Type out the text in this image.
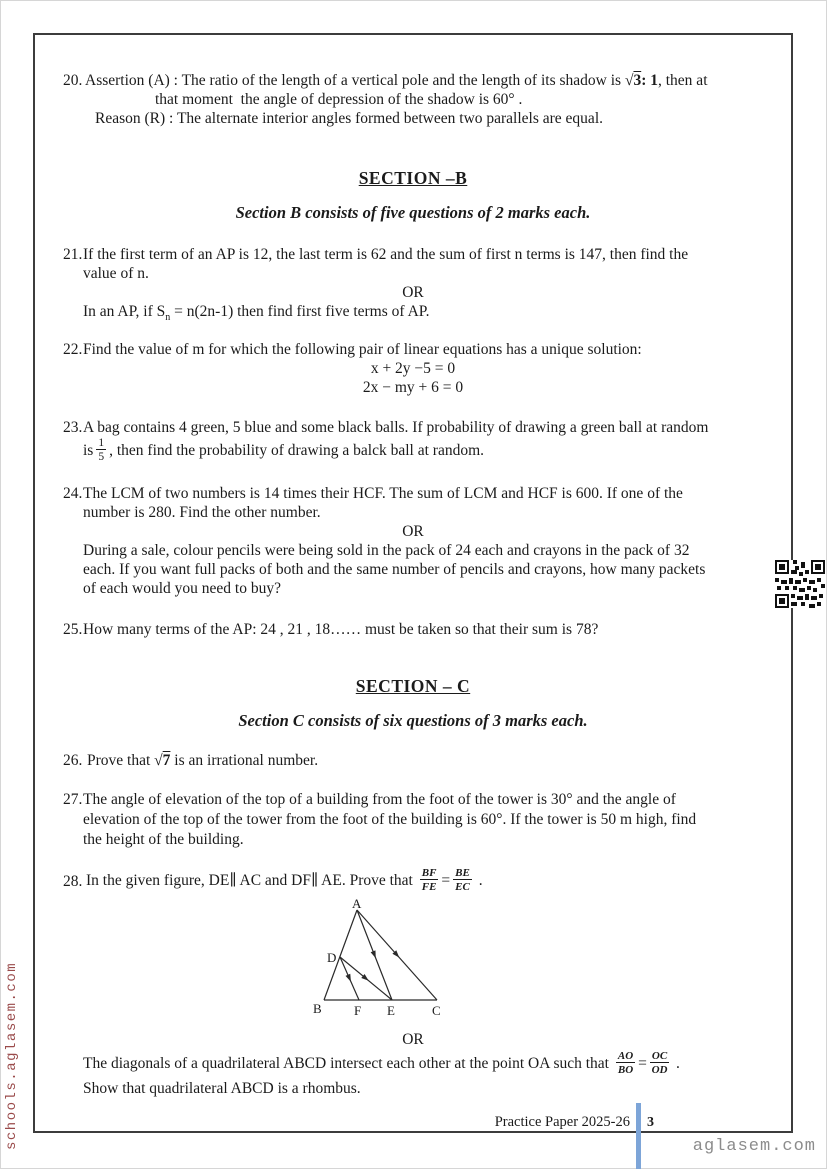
20. Assertion (A) : The ratio of the length of a vertical pole and the length of its shadow is √3: 1, then at
that moment  the angle of depression of the shadow is 60° .
Reason (R) : The alternate interior angles formed between two parallels are equal.
SECTION –B
Section B consists of five questions of 2 marks each.
21. If the first term of an AP is 12, the last term is 62 and the sum of first n terms is 147, then find the
value of n.
OR
In an AP, if $S_n = n(2n-1)$ then find first five terms of AP.
22. Find the value of m for which the following pair of linear equations has a unique solution:
x + 2y −5 = 0
2x − my + 6 = 0
23. A bag contains 4 green, 5 blue and some black balls. If probability of drawing a green ball at random
is $\frac{1}{5}$ , then find the probability of drawing a balck ball at random.
24. The LCM of two numbers is 14 times their HCF. The sum of LCM and HCF is 600. If one of the
number is 280. Find the other number.
OR
During a sale, colour pencils were being sold in the pack of 24 each and crayons in the pack of 32
each. If you want full packs of both and the same number of pencils and crayons, how many packets
of each would you need to buy?
25. How many terms of the AP: 24 , 21 , 18…… must be taken so that their sum is 78?
SECTION – C
Section C consists of six questions of 3 marks each.
26. Prove that √7 is an irrational number.
27. The angle of elevation of the top of a building from the foot of the tower is 30° and the angle of
elevation of the top of the tower from the foot of the building is 60°. If the tower is 50 m high, find
the height of the building.
28. In the given figure, DE∥ AC and DF∥ AE. Prove that $\frac{BF}{FE} = \frac{BE}{EC}$ .
A
B	C
D
E
F
OR
The diagonals of a quadrilateral ABCD intersect each other at the point OA such that $\frac{AO}{BO} = \frac{OC}{OD}$ .
Show that quadrilateral ABCD is a rhombus.
Practice Paper 2025-26 3
schools.aglasem.com	aglasem.com
